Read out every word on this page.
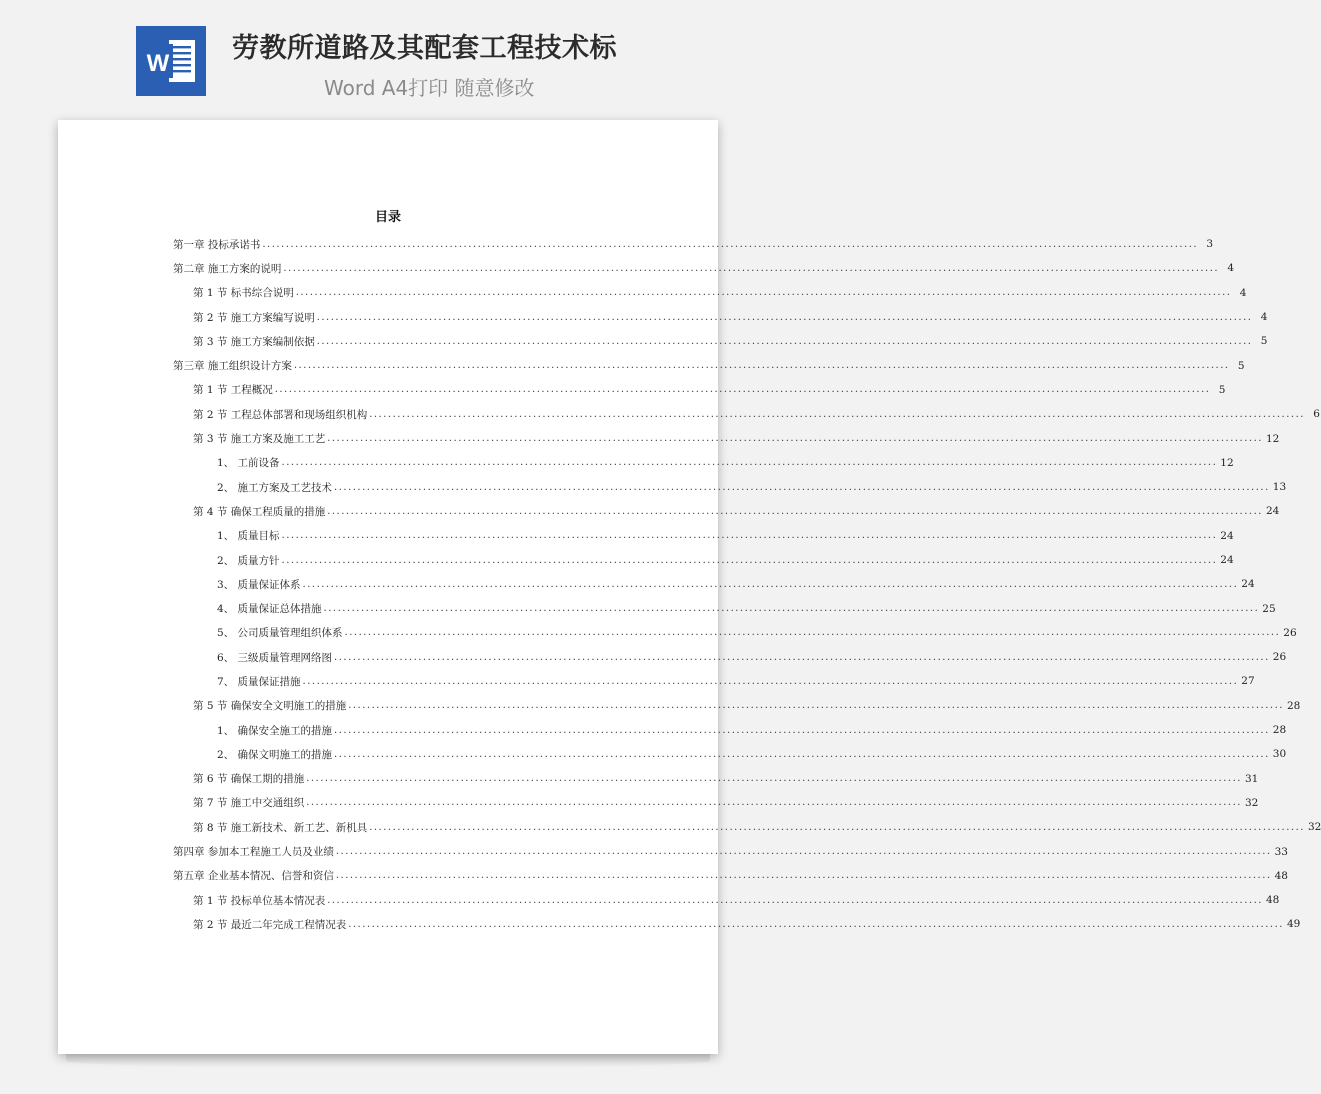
W 劳教所道路及其配套工程技术标
Word A4打印 随意修改
目录
第一章 投标承诺书 ........................................................................................................................................................................................................ 3
第二章 施工方案的说明 ........................................................................................................................................................................................................ 4
第 1 节 标书综合说明 ........................................................................................................................................................................................................ 4
第 2 节 施工方案编写说明 ........................................................................................................................................................................................................ 4
第 3 节 施工方案编制依据 ........................................................................................................................................................................................................ 5
第三章 施工组织设计方案 ........................................................................................................................................................................................................ 5
第 1 节 工程概况 ........................................................................................................................................................................................................ 5
第 2 节 工程总体部署和现场组织机构 ........................................................................................................................................................................................................ 6
第 3 节 施工方案及施工工艺 ........................................................................................................................................................................................................ 12
1、 工前设备 ........................................................................................................................................................................................................ 12
2、 施工方案及工艺技术 ........................................................................................................................................................................................................ 13
第 4 节 确保工程质量的措施 ........................................................................................................................................................................................................ 24
1、 质量目标 ........................................................................................................................................................................................................ 24
2、 质量方针 ........................................................................................................................................................................................................ 24
3、 质量保证体系 ........................................................................................................................................................................................................ 24
4、 质量保证总体措施 ........................................................................................................................................................................................................ 25
5、 公司质量管理组织体系 ........................................................................................................................................................................................................ 26
6、 三级质量管理网络图 ........................................................................................................................................................................................................ 26
7、 质量保证措施 ........................................................................................................................................................................................................ 27
第 5 节 确保安全文明施工的措施 ........................................................................................................................................................................................................ 28
1、 确保安全施工的措施 ........................................................................................................................................................................................................ 28
2、 确保文明施工的措施 ........................................................................................................................................................................................................ 30
第 6 节 确保工期的措施 ........................................................................................................................................................................................................ 31
第 7 节 施工中交通组织 ........................................................................................................................................................................................................ 32
第 8 节 施工新技术、新工艺、新机具 ........................................................................................................................................................................................................ 32
第四章 参加本工程施工人员及业绩 ........................................................................................................................................................................................................ 33
第五章 企业基本情况、信誉和资信 ........................................................................................................................................................................................................ 48
第 1 节 投标单位基本情况表 ........................................................................................................................................................................................................ 48
第 2 节 最近二年完成工程情况表 ........................................................................................................................................................................................................ 49
